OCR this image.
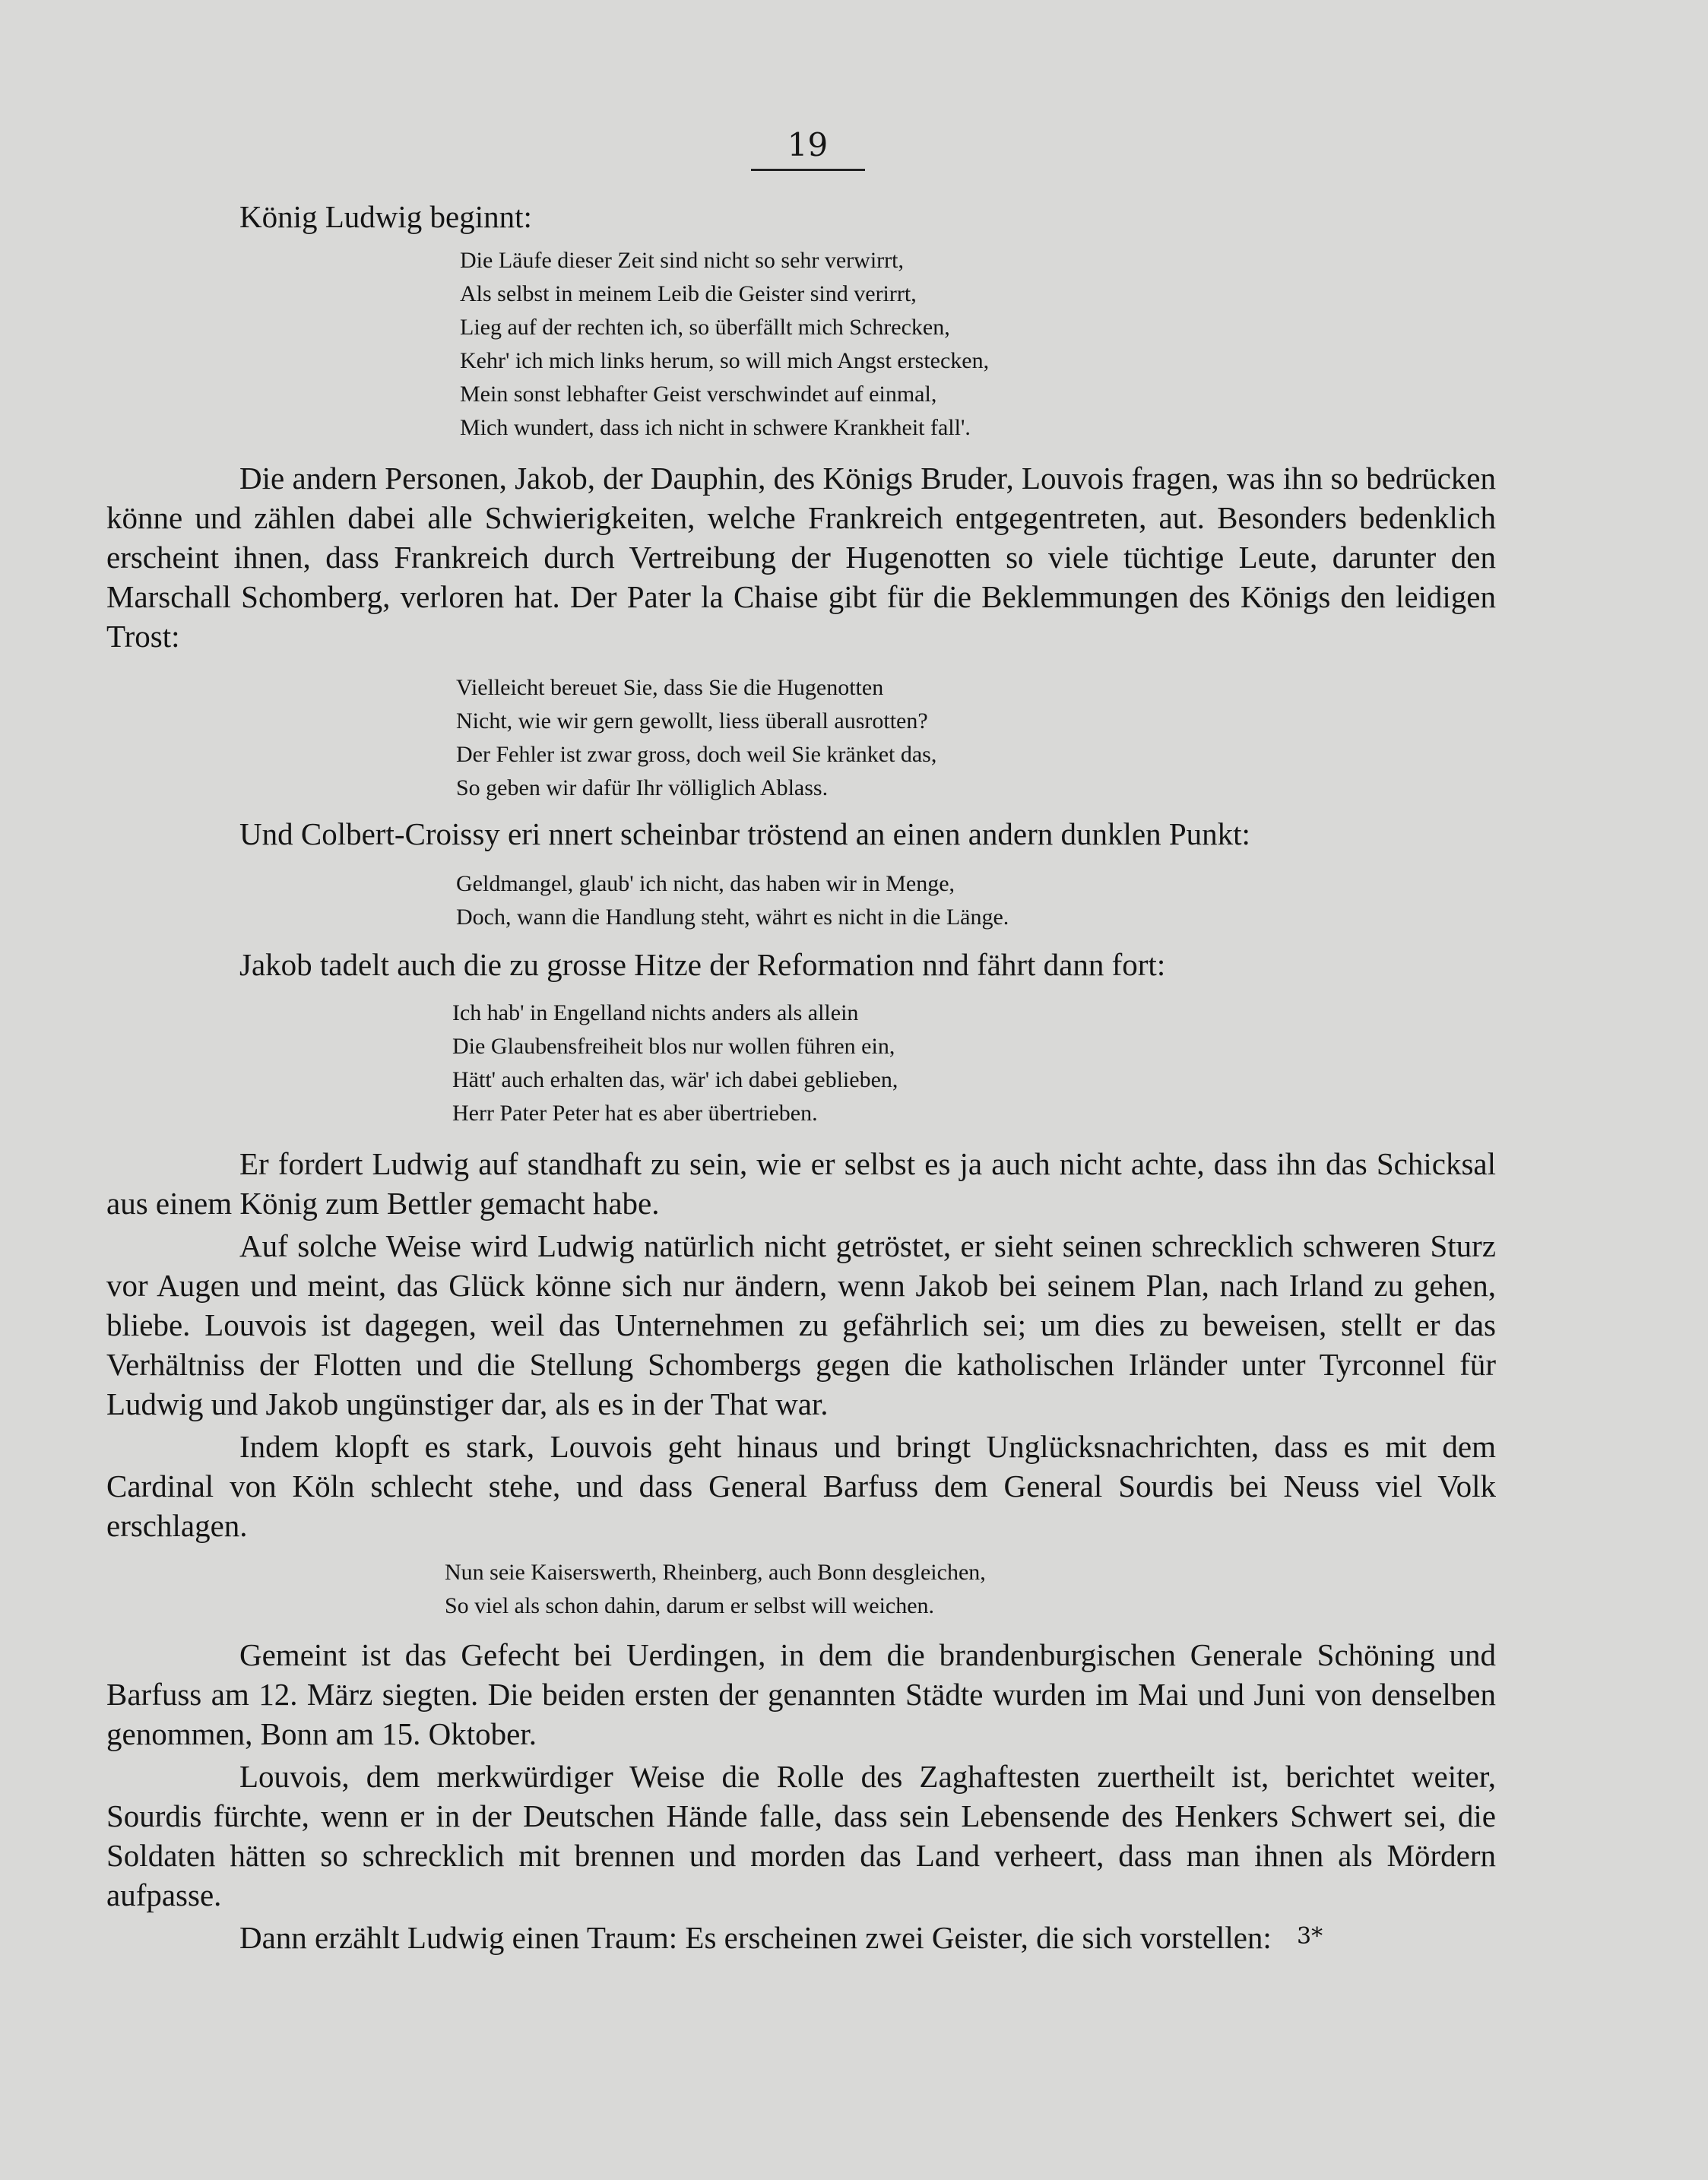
19

König Ludwig beginnt:

Die Läufe dieser Zeit sind nicht so sehr verwirrt,
Als selbst in meinem Leib die Geister sind verirrt,
Lieg auf der rechten ich, so überfällt mich Schrecken,
Kehr' ich mich links herum, so will mich Angst erstecken,
Mein sonst lebhafter Geist verschwindet auf einmal,
Mich wundert, dass ich nicht in schwere Krankheit fall'.

Die andern Personen, Jakob, der Dauphin, des Königs Bruder, Louvois fragen, was ihn so bedrücken könne und zählen dabei alle Schwierigkeiten, welche Frankreich entgegentreten, aut. Besonders bedenklich erscheint ihnen, dass Frankreich durch Vertreibung der Hugenotten so viele tüchtige Leute, darunter den Marschall Schomberg, verloren hat. Der Pater la Chaise gibt für die Beklemmungen des Königs den leidigen Trost:

Vielleicht bereuet Sie, dass Sie die Hugenotten
Nicht, wie wir gern gewollt, liess überall ausrotten?
Der Fehler ist zwar gross, doch weil Sie kränket das,
So geben wir dafür Ihr völliglich Ablass.

Und Colbert-Croissy eri nnert scheinbar tröstend an einen andern dunklen Punkt:

Geldmangel, glaub' ich nicht, das haben wir in Menge,
Doch, wann die Handlung steht, währt es nicht in die Länge.

Jakob tadelt auch die zu grosse Hitze der Reformation nnd fährt dann fort:

Ich hab' in Engelland nichts anders als allein
Die Glaubensfreiheit blos nur wollen führen ein,
Hätt' auch erhalten das, wär' ich dabei geblieben,
Herr Pater Peter hat es aber übertrieben.

Er fordert Ludwig auf standhaft zu sein, wie er selbst es ja auch nicht achte, dass ihn das Schicksal aus einem König zum Bettler gemacht habe.

Auf solche Weise wird Ludwig natürlich nicht getröstet, er sieht seinen schrecklich schweren Sturz vor Augen und meint, das Glück könne sich nur ändern, wenn Jakob bei seinem Plan, nach Irland zu gehen, bliebe. Louvois ist dagegen, weil das Unternehmen zu gefährlich sei; um dies zu beweisen, stellt er das Verhältniss der Flotten und die Stellung Schombergs gegen die katholischen Irländer unter Tyrconnel für Ludwig und Jakob ungünstiger dar, als es in der That war.

Indem klopft es stark, Louvois geht hinaus und bringt Unglücksnachrichten, dass es mit dem Cardinal von Köln schlecht stehe, und dass General Barfuss dem General Sourdis bei Neuss viel Volk erschlagen.

Nun seie Kaiserswerth, Rheinberg, auch Bonn desgleichen,
So viel als schon dahin, darum er selbst will weichen.

Gemeint ist das Gefecht bei Uerdingen, in dem die brandenburgischen Generale Schöning und Barfuss am 12. März siegten. Die beiden ersten der genannten Städte wurden im Mai und Juni von denselben genommen, Bonn am 15. Oktober.

Louvois, dem merkwürdiger Weise die Rolle des Zaghaftesten zuertheilt ist, berichtet weiter, Sourdis fürchte, wenn er in der Deutschen Hände falle, dass sein Lebensende des Henkers Schwert sei, die Soldaten hätten so schrecklich mit brennen und morden das Land verheert, dass man ihnen als Mördern aufpasse.

Dann erzählt Ludwig einen Traum: Es erscheinen zwei Geister, die sich vorstellen:	3*
